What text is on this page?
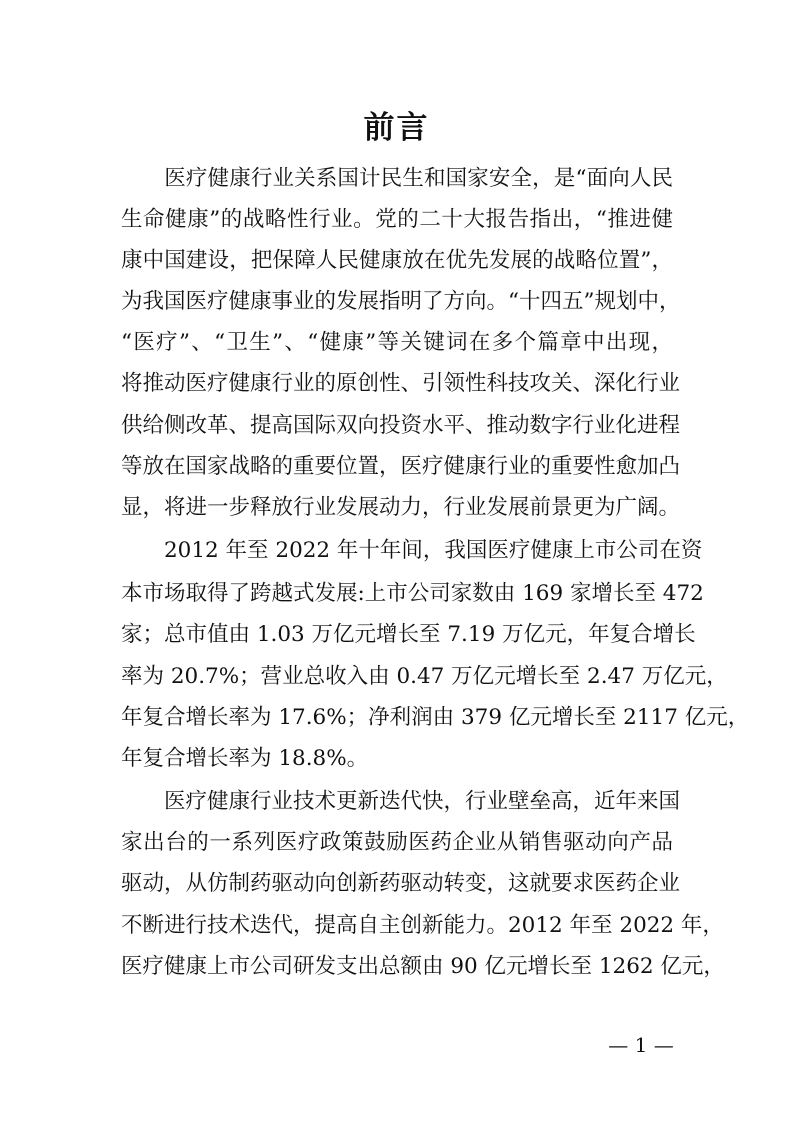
前言
　　医疗健康行业关系国计民生和国家安全，是“面向人民
生命健康”的战略性行业。党的二十大报告指出，“推进健
康中国建设，把保障人民健康放在优先发展的战略位置”，
为我国医疗健康事业的发展指明了方向。“十四五”规划中，
“医疗”、“卫生”、“健康”等关键词在多个篇章中出现，
将推动医疗健康行业的原创性、引领性科技攻关、深化行业
供给侧改革、提高国际双向投资水平、推动数字行业化进程
等放在国家战略的重要位置，医疗健康行业的重要性愈加凸
显，将进一步释放行业发展动力，行业发展前景更为广阔。
　　2012 年至 2022 年十年间，我国医疗健康上市公司在资
本市场取得了跨越式发展:上市公司家数由 169 家增长至 472
家；总市值由 1.03 万亿元增长至 7.19 万亿元，年复合增长
率为 20.7%；营业总收入由 0.47 万亿元增长至 2.47 万亿元，
年复合增长率为 17.6%；净利润由 379 亿元增长至 2117 亿元，
年复合增长率为 18.8%。
　　医疗健康行业技术更新迭代快，行业壁垒高，近年来国
家出台的一系列医疗政策鼓励医药企业从销售驱动向产品
驱动，从仿制药驱动向创新药驱动转变，这就要求医药企业
不断进行技术迭代，提高自主创新能力。2012 年至 2022 年，
医疗健康上市公司研发支出总额由 90 亿元增长至 1262 亿元，
— 1 —
